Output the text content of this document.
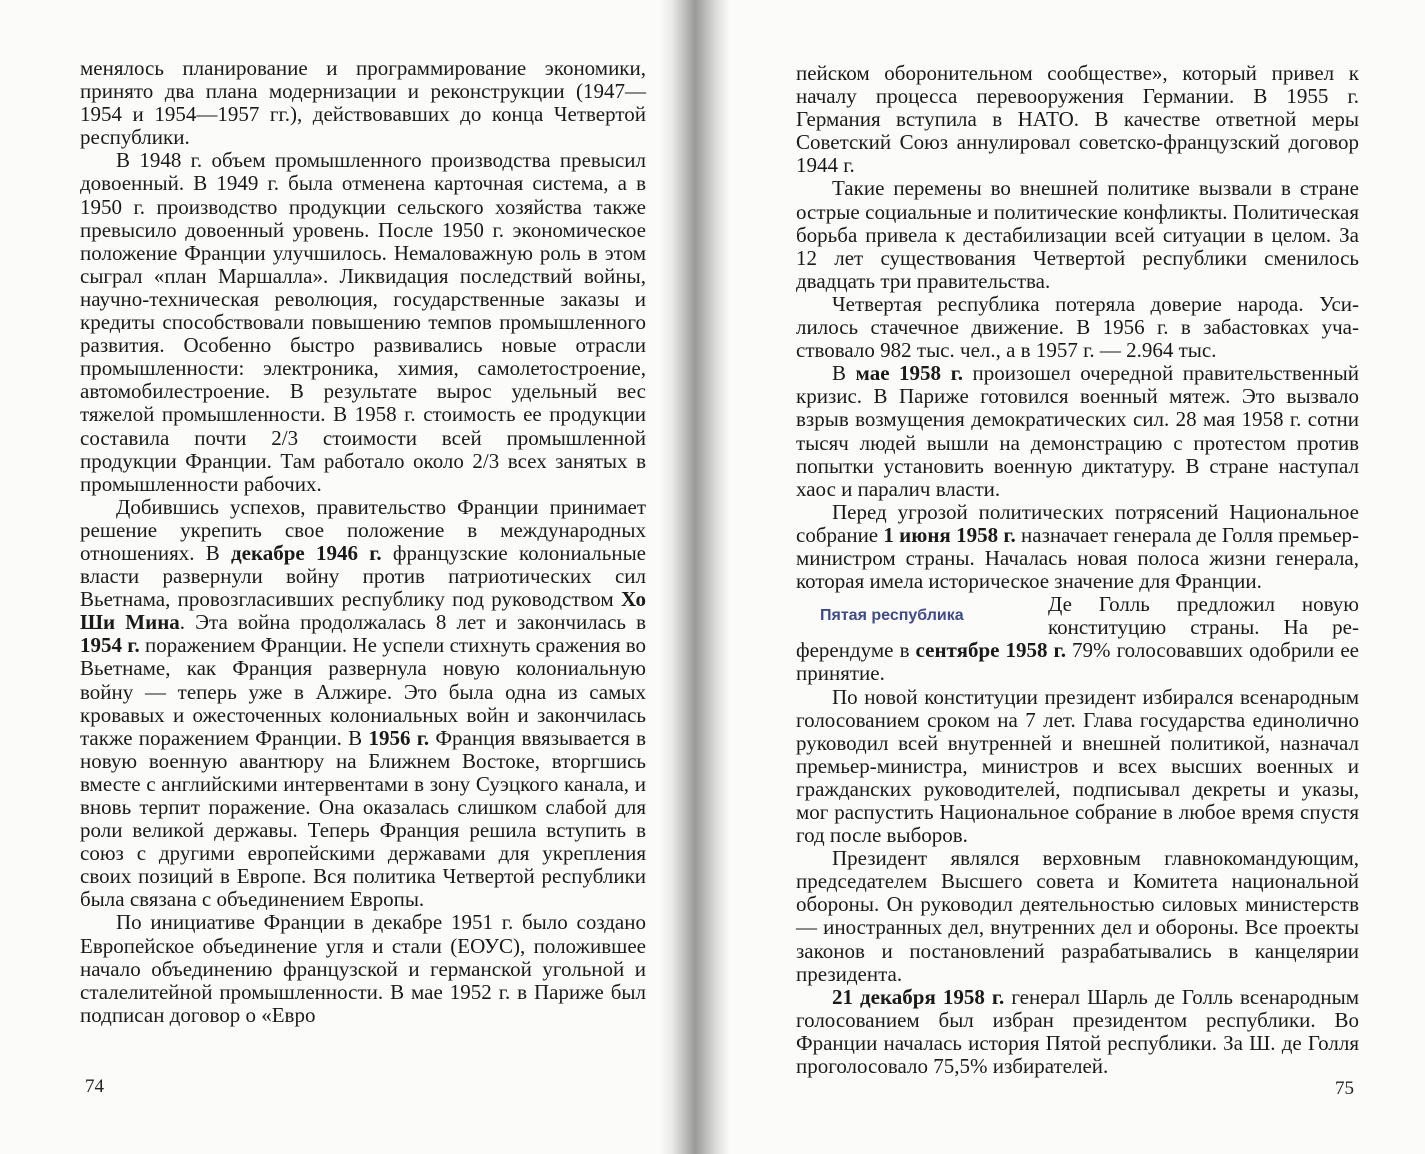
менялось планирование и программирование экономики, принято два плана модернизации и реконструкции (1947—1954 и 1954—1957 гг.), действовавших до конца Четвертой республики.

В 1948 г. объем промышленного производства превысил довоенный. В 1949 г. была отменена карточная система, а в 1950 г. производство продукции сельского хозяйства также превысило довоенный уровень. После 1950 г. экономическое положение Франции улучшилось. Немаловажную роль в этом сыграл «план Маршалла». Ликвидация последствий войны, научно-техническая революция, государственные заказы и кредиты способствовали повышению темпов промышленного развития. Особенно быстро развивались новые отрасли промышленности: электроника, химия, самолетостроение, автомобилестроение. В результате вырос удельный вес тяжелой промышленности. В 1958 г. стоимость ее продукции составила почти 2/3 стоимости всей промышленной продукции Франции. Там работало около 2/3 всех занятых в промышленности рабочих.

Добившись успехов, правительство Франции принимает решение укрепить свое положение в международных отношениях. В декабре 1946 г. французские колониальные власти развернули войну против патриотических сил Вьетнама, провозгласивших республику под руководством Хо Ши Мина. Эта война продолжалась 8 лет и закончилась в 1954 г. поражением Франции. Не успели стихнуть сражения во Вьетнаме, как Франция развернула новую колониальную войну — теперь уже в Алжире. Это была одна из самых кровавых и ожесточенных колониальных войн и закончилась также поражением Франции. В 1956 г. Франция ввязывается в новую военную авантюру на Ближнем Востоке, вторгшись вместе с английскими интервентами в зону Суэцкого канала, и вновь терпит поражение. Она оказалась слишком слабой для роли великой державы. Теперь Франция решила вступить в союз с другими европейскими державами для укрепления своих позиций в Европе. Вся политика Четвертой республики была связана с объединением Европы.

По инициативе Франции в декабре 1951 г. было создано Европейское объединение угля и стали (ЕОУС), положившее начало объединению французской и германской угольной и сталелитейной промышленности. В мае 1952 г. в Париже был подписан договор о «Евро

74

пейском оборонительном сообществе», который привел к началу процесса перевооружения Германии. В 1955 г. Германия вступила в НАТО. В качестве ответной меры Советский Союз аннулировал советско-французский договор 1944 г.

Такие перемены во внешней политике вызвали в стране острые социальные и политические конфликты. Политическая борьба привела к дестабилизации всей ситуации в целом. За 12 лет существования Четвертой республики сменилось двадцать три правительства.

Четвертая республика потеряла доверие народа. Усилилось стачечное движение. В 1956 г. в забастовках участвовало 982 тыс. чел., а в 1957 г. — 2.964 тыс.

В мае 1958 г. произошел очередной правительственный кризис. В Париже готовился военный мятеж. Это вызвало взрыв возмущения демократических сил. 28 мая 1958 г. сотни тысяч людей вышли на демонстрацию с протестом против попытки установить военную диктатуру. В стране наступал хаос и паралич власти.

Перед угрозой политических потрясений Национальное собрание 1 июня 1958 г. назначает генерала де Голля премьер-министром страны. Началась новая полоса жизни генерала, которая имела историческое значение для Франции.

Пятая республика	Де Голль предложил новую конституцию страны. На референдуме в сентябре 1958 г. 79% голосовавших одобрили ее принятие.

По новой конституции президент избирался всенародным голосованием сроком на 7 лет. Глава государства единолично руководил всей внутренней и внешней политикой, назначал премьер-министра, министров и всех высших военных и гражданских руководителей, подписывал декреты и указы, мог распустить Национальное собрание в любое время спустя год после выборов.

Президент являлся верховным главнокомандующим, председателем Высшего совета и Комитета национальной обороны. Он руководил деятельностью силовых министерств — иностранных дел, внутренних дел и обороны. Все проекты законов и постановлений разрабатывались в канцелярии президента.

21 декабря 1958 г. генерал Шарль де Голль всенародным голосованием был избран президентом республики. Во Франции началась история Пятой республики. За Ш. де Голля проголосовало 75,5% избирателей.

75
